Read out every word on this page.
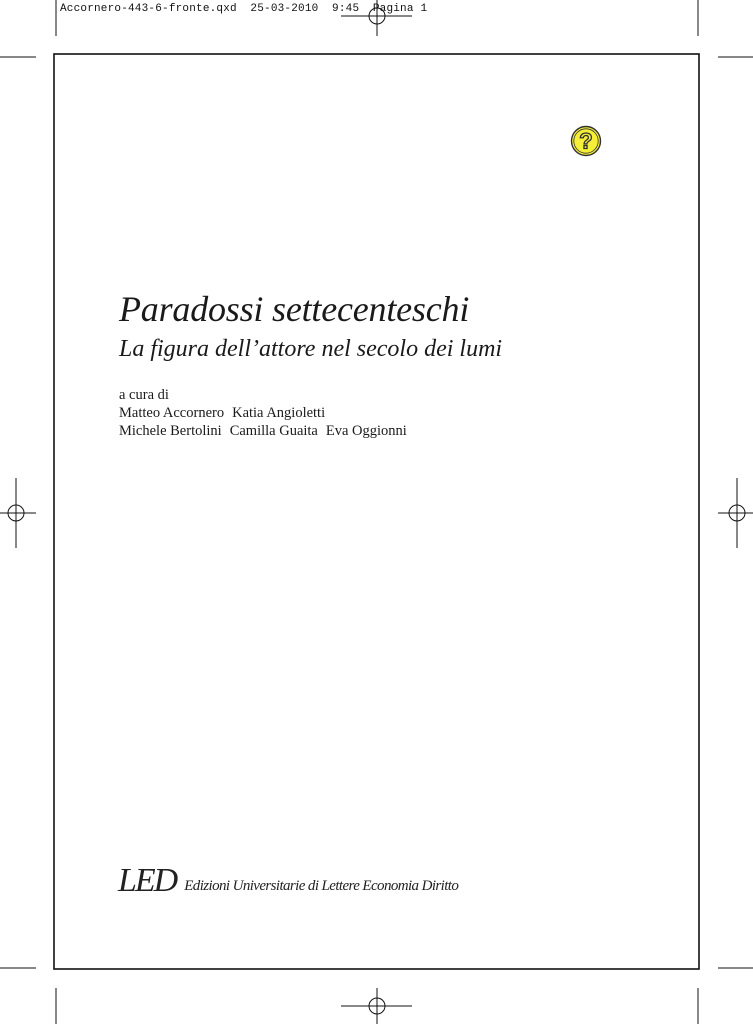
Accornero-443-6-fronte.qxd  25-03-2010  9:45  Pagina 1
?
Paradossi settecenteschi
La figura dell’attore nel secolo dei lumi
a cura di
Matteo Accornero Katia Angioletti
Michele Bertolini Camilla Guaita Eva Oggionni
LED Edizioni Universitarie di Lettere Economia Diritto
